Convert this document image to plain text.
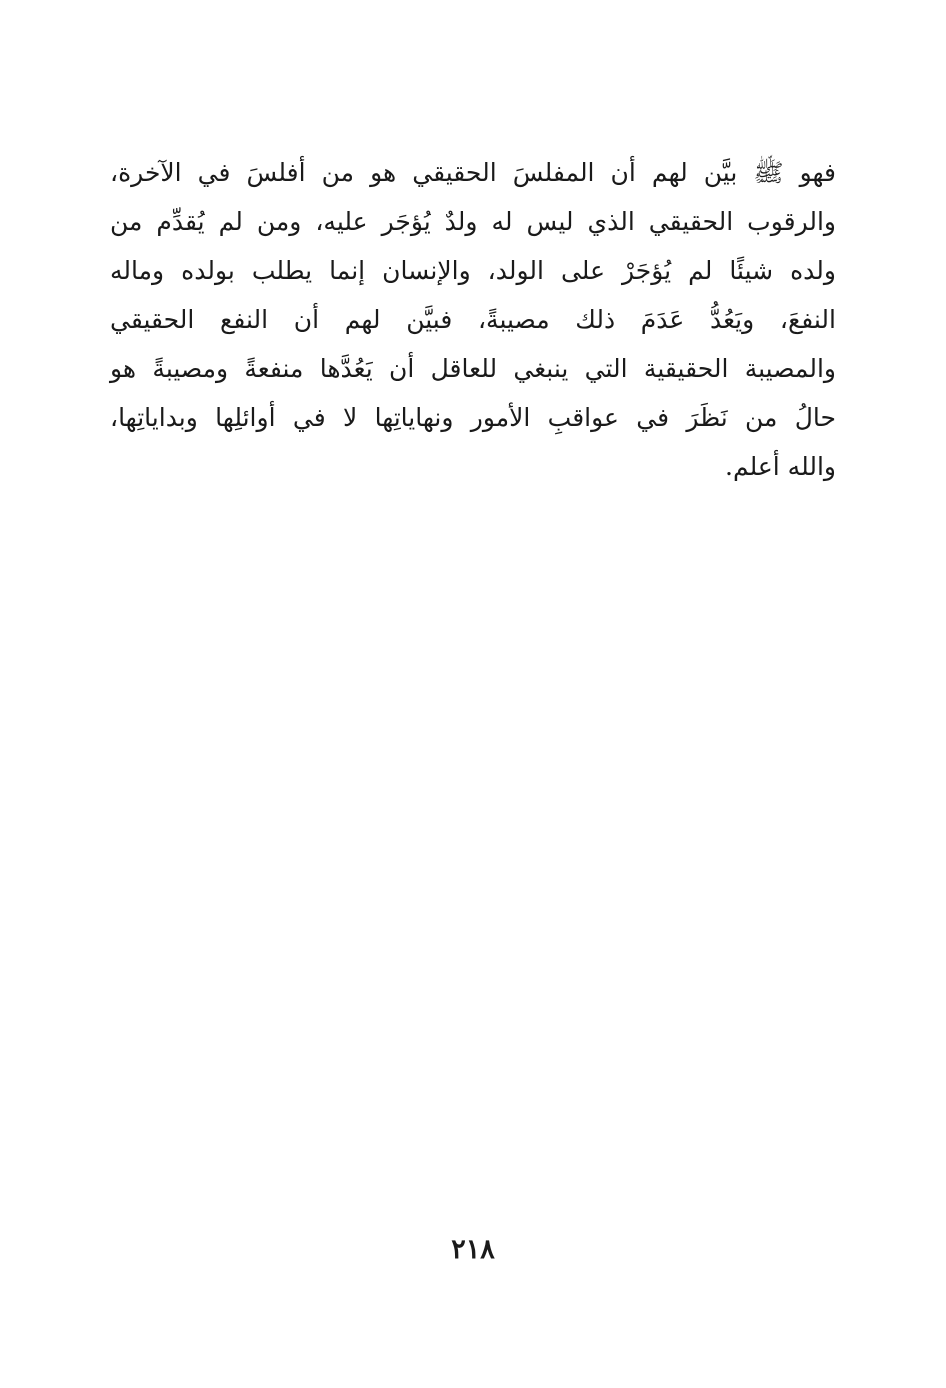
فهو ﷺ بيَّن لهم أن المفلسَ الحقيقي هو من أفلسَ في الآخرة،
والرقوب الحقيقي الذي ليس له ولدٌ يُؤجَر عليه، ومن لم يُقدِّم من
ولده شيئًا لم يُؤجَرْ على الولد، والإنسان إنما يطلب بولده وماله
النفعَ، ويَعُدُّ عَدَمَ ذلك مصيبةً، فبيَّن لهم أن النفع الحقيقي
والمصيبة الحقيقية التي ينبغي للعاقل أن يَعُدَّها منفعةً ومصيبةً هو
حالُ من نَظَرَ في عواقبِ الأمور ونهاياتِها لا في أوائلِها وبداياتِها،
والله أعلم.
٢١٨
